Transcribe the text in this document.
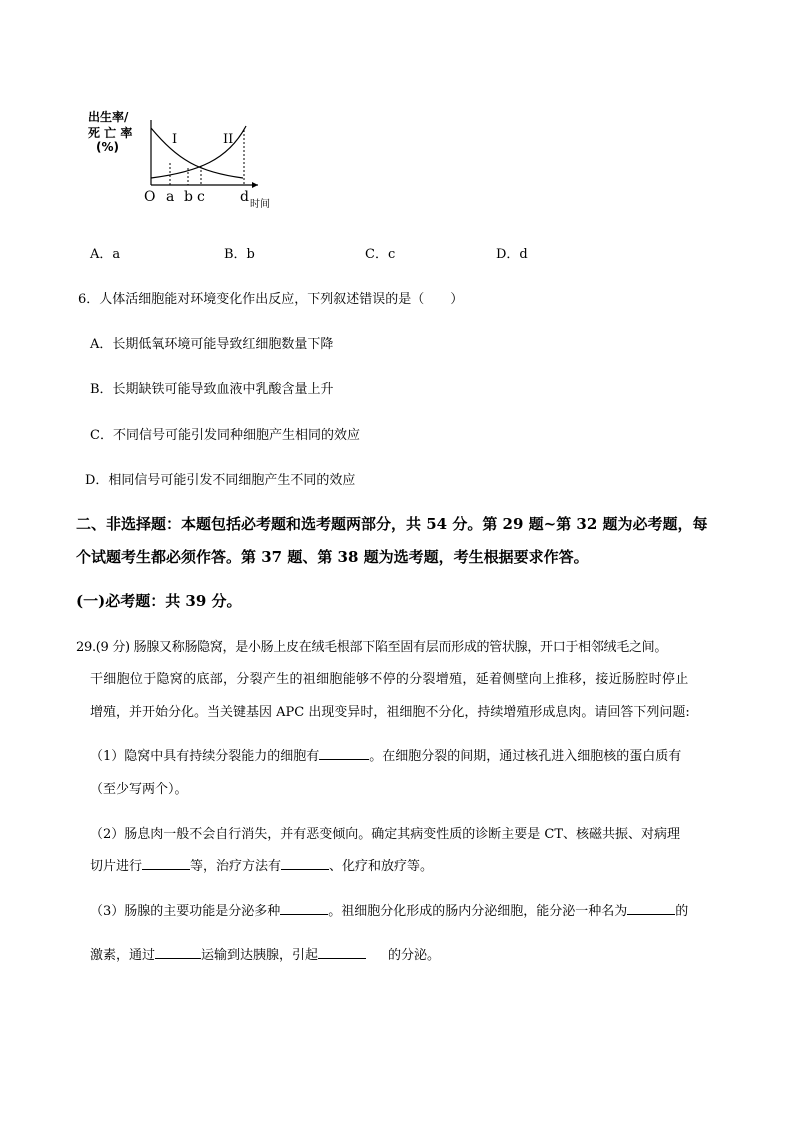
出生率/
死 亡 率
(%)	I	II
O a b c	d 时间
A．a	B．b	C．c	D．d
6．人体活细胞能对环境变化作出反应，下列叙述错误的是（　　）
A．长期低氧环境可能导致红细胞数量下降
B．长期缺铁可能导致血液中乳酸含量上升
C．不同信号可能引发同种细胞产生相同的效应
D．相同信号可能引发不同细胞产生不同的效应
二、非选择题：本题包括必考题和选考题两部分，共 54 分。第 29 题~第 32 题为必考题，每
个试题考生都必须作答。第 37 题、第 38 题为选考题，考生根据要求作答。
(一)必考题：共 39 分。
29.(9 分) 肠腺又称肠隐窝，是小肠上皮在绒毛根部下陷至固有层而形成的管状腺，开口于相邻绒毛之间。
干细胞位于隐窝的底部，分裂产生的祖细胞能够不停的分裂增殖，延着侧壁向上推移，接近肠腔时停止
增殖，并开始分化。当关键基因 APC 出现变异时，祖细胞不分化，持续增殖形成息肉。请回答下列问题:
（1）隐窝中具有持续分裂能力的细胞有	。在细胞分裂的间期，通过核孔进入细胞核的蛋白质有
（至少写两个）。
（2）肠息肉一般不会自行消失，并有恶变倾向。确定其病变性质的诊断主要是 CT、核磁共振、对病理
切片进行	等，治疗方法有	、化疗和放疗等。
（3）肠腺的主要功能是分泌多种	。祖细胞分化形成的肠内分泌细胞，能分泌一种名为	的
激素，通过	运输到达胰腺，引起	的分泌。
